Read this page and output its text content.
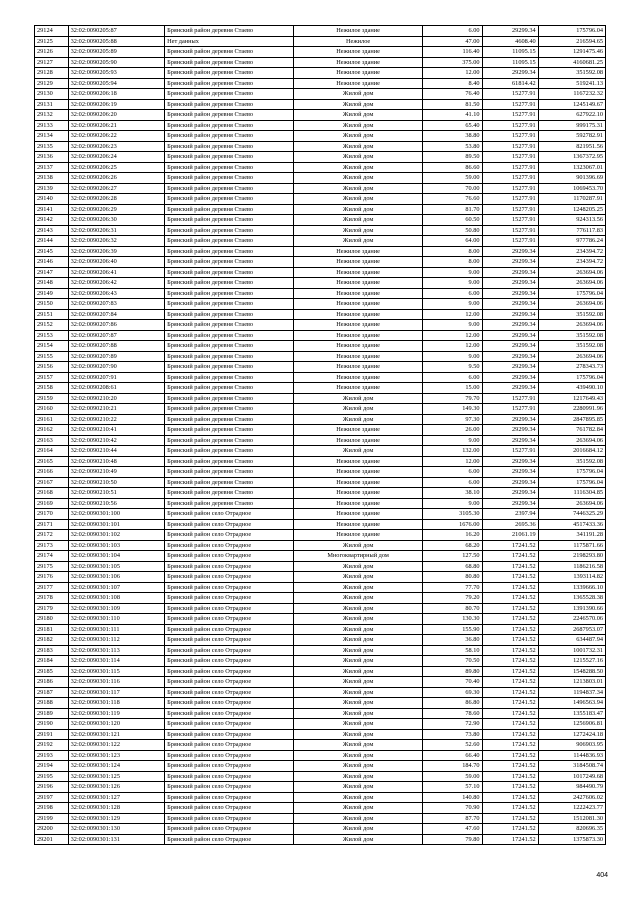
29124	32:02:0090205:87	Брянский район деревня Стаево	Нежилое здание	6.00	29299.34	175796.04
29125	32:02:0090205:88	Нет данных	Нежилое	47.00	4608.40	216594.65
29126	32:02:0090205:89	Брянский район деревня Стаево	Нежилое здание	116.40	11095.15	1291475.46
29127	32:02:0090205:90	Брянский район деревня Стаево	Нежилое здание	375.00	11095.15	4160681.25
29128	32:02:0090205:93	Брянский район деревня Стаево	Нежилое здание	12.00	29299.34	351592.08
29129	32:02:0090205:94	Брянский район деревня Стаево	Нежилое здание	8.40	61814.42	519241.13
29130	32:02:0090206:18	Брянский район деревня Стаево	Жилой дом	76.40	15277.91	1167232.32
29131	32:02:0090206:19	Брянский район деревня Стаево	Жилой дом	81.50	15277.91	1245149.67
29132	32:02:0090206:20	Брянский район деревня Стаево	Жилой дом	41.10	15277.91	627922.10
29133	32:02:0090206:21	Брянский район деревня Стаево	Жилой дом	65.40	15277.91	999175.31
29134	32:02:0090206:22	Брянский район деревня Стаево	Жилой дом	38.80	15277.91	592782.91
29135	32:02:0090206:23	Брянский район деревня Стаево	Жилой дом	53.80	15277.91	821951.56
29136	32:02:0090206:24	Брянский район деревня Стаево	Жилой дом	89.50	15277.91	1367372.95
29137	32:02:0090206:25	Брянский район деревня Стаево	Жилой дом	86.60	15277.91	1323067.01
29138	32:02:0090206:26	Брянский район деревня Стаево	Жилой дом	59.00	15277.91	901396.69
29139	32:02:0090206:27	Брянский район деревня Стаево	Жилой дом	70.00	15277.91	1069453.70
29140	32:02:0090206:28	Брянский район деревня Стаево	Жилой дом	76.60	15277.91	1170287.91
29141	32:02:0090206:29	Брянский район деревня Стаево	Жилой дом	81.70	15277.91	1248205.25
29142	32:02:0090206:30	Брянский район деревня Стаево	Жилой дом	60.50	15277.91	924313.56
29143	32:02:0090206:31	Брянский район деревня Стаево	Жилой дом	50.80	15277.91	776117.83
29144	32:02:0090206:32	Брянский район деревня Стаево	Жилой дом	64.00	15277.91	977786.24
29145	32:02:0090206:39	Брянский район деревня Стаево	Нежилое здание	8.00	29299.34	234394.72
29146	32:02:0090206:40	Брянский район деревня Стаево	Нежилое здание	8.00	29299.34	234394.72
29147	32:02:0090206:41	Брянский район деревня Стаево	Нежилое здание	9.00	29299.34	263694.06
29148	32:02:0090206:42	Брянский район деревня Стаево	Нежилое здание	9.00	29299.34	263694.06
29149	32:02:0090206:43	Брянский район деревня Стаево	Нежилое здание	6.00	29299.34	175796.04
29150	32:02:0090207:83	Брянский район деревня Стаево	Нежилое здание	9.00	29299.34	263694.06
29151	32:02:0090207:84	Брянский район деревня Стаево	Нежилое здание	12.00	29299.34	351592.08
29152	32:02:0090207:86	Брянский район деревня Стаево	Нежилое здание	9.00	29299.34	263694.06
29153	32:02:0090207:87	Брянский район деревня Стаево	Нежилое здание	12.00	29299.34	351592.08
29154	32:02:0090207:88	Брянский район деревня Стаево	Нежилое здание	12.00	29299.34	351592.08
29155	32:02:0090207:89	Брянский район деревня Стаево	Нежилое здание	9.00	29299.34	263694.06
29156	32:02:0090207:90	Брянский район деревня Стаево	Нежилое здание	9.50	29299.34	278343.73
29157	32:02:0090207:91	Брянский район деревня Стаево	Нежилое здание	6.00	29299.34	175796.04
29158	32:02:0090208:61	Брянский район деревня Стаево	Нежилое здание	15.00	29299.34	439490.10
29159	32:02:0090210:20	Брянский район деревня Стаево	Жилой дом	79.70	15277.91	1217649.43
29160	32:02:0090210:21	Брянский район деревня Стаево	Жилой дом	149.30	15277.91	2280991.96
29161	32:02:0090210:22	Брянский район деревня Стаево	Жилой дом	97.30	29299.34	2847895.85
29162	32:02:0090210:41	Брянский район деревня Стаево	Нежилое здание	26.00	29299.34	761782.84
29163	32:02:0090210:42	Брянский район деревня Стаево	Нежилое здание	9.00	29299.34	263694.06
29164	32:02:0090210:44	Брянский район деревня Стаево	Жилой дом	132.00	15277.91	2016684.12
29165	32:02:0090210:48	Брянский район деревня Стаево	Нежилое здание	12.00	29299.34	351592.08
29166	32:02:0090210:49	Брянский район деревня Стаево	Нежилое здание	6.00	29299.34	175796.04
29167	32:02:0090210:50	Брянский район деревня Стаево	Нежилое здание	6.00	29299.34	175796.04
29168	32:02:0090210:51	Брянский район деревня Стаево	Нежилое здание	38.10	29299.34	1116304.85
29169	32:02:0090210:56	Брянский район деревня Стаево	Нежилое здание	9.00	29299.34	263694.06
29170	32:02:0090301:100	Брянский район село Отрадное	Нежилое здание	3105.30	2397.94	7446325.29
29171	32:02:0090301:101	Брянский район село Отрадное	Нежилое здание	1676.00	2695.36	4517433.36
29172	32:02:0090301:102	Брянский район село Отрадное	Нежилое здание	16.20	21061.19	341191.28
29173	32:02:0090301:103	Брянский район село Отрадное	Жилой дом	68.20	17241.52	1175871.66
29174	32:02:0090301:104	Брянский район село Отрадное	Многоквартирный дом	127.50	17241.52	2198293.80
29175	32:02:0090301:105	Брянский район село Отрадное	Жилой дом	68.80	17241.52	1186216.58
29176	32:02:0090301:106	Брянский район село Отрадное	Жилой дом	80.80	17241.52	1393114.82
29177	32:02:0090301:107	Брянский район село Отрадное	Жилой дом	77.70	17241.52	1339666.10
29178	32:02:0090301:108	Брянский район село Отрадное	Жилой дом	79.20	17241.52	1365528.38
29179	32:02:0090301:109	Брянский район село Отрадное	Жилой дом	80.70	17241.52	1391390.66
29180	32:02:0090301:110	Брянский район село Отрадное	Жилой дом	130.30	17241.52	2246570.06
29181	32:02:0090301:111	Брянский район село Отрадное	Жилой дом	155.90	17241.52	2687953.07
29182	32:02:0090301:112	Брянский район село Отрадное	Жилой дом	36.80	17241.52	634487.94
29183	32:02:0090301:113	Брянский район село Отрадное	Жилой дом	58.10	17241.52	1001732.31
29184	32:02:0090301:114	Брянский район село Отрадное	Жилой дом	70.50	17241.52	1215527.16
29185	32:02:0090301:115	Брянский район село Отрадное	Жилой дом	89.80	17241.52	1548288.50
29186	32:02:0090301:116	Брянский район село Отрадное	Жилой дом	70.40	17241.52	1213803.01
29187	32:02:0090301:117	Брянский район село Отрадное	Жилой дом	69.30	17241.52	1194837.34
29188	32:02:0090301:118	Брянский район село Отрадное	Жилой дом	86.80	17241.52	1496563.94
29189	32:02:0090301:119	Брянский район село Отрадное	Жилой дом	78.60	17241.52	1355183.47
29190	32:02:0090301:120	Брянский район село Отрадное	Жилой дом	72.90	17241.52	1256906.81
29191	32:02:0090301:121	Брянский район село Отрадное	Жилой дом	73.80	17241.52	1272424.18
29192	32:02:0090301:122	Брянский район село Отрадное	Жилой дом	52.60	17241.52	906903.95
29193	32:02:0090301:123	Брянский район село Отрадное	Жилой дом	66.40	17241.52	1144836.93
29194	32:02:0090301:124	Брянский район село Отрадное	Жилой дом	184.70	17241.52	3184508.74
29195	32:02:0090301:125	Брянский район село Отрадное	Жилой дом	59.00	17241.52	1017249.68
29196	32:02:0090301:126	Брянский район село Отрадное	Жилой дом	57.10	17241.52	984490.79
29197	32:02:0090301:127	Брянский район село Отрадное	Жилой дом	140.80	17241.52	2427606.02
29198	32:02:0090301:128	Брянский район село Отрадное	Жилой дом	70.90	17241.52	1222423.77
29199	32:02:0090301:129	Брянский район село Отрадное	Жилой дом	87.70	17241.52	1512081.30
29200	32:02:0090301:130	Брянский район село Отрадное	Жилой дом	47.60	17241.52	820696.35
29201	32:02:0090301:131	Брянский район село Отрадное	Жилой дом	79.80	17241.52	1375873.30
404
